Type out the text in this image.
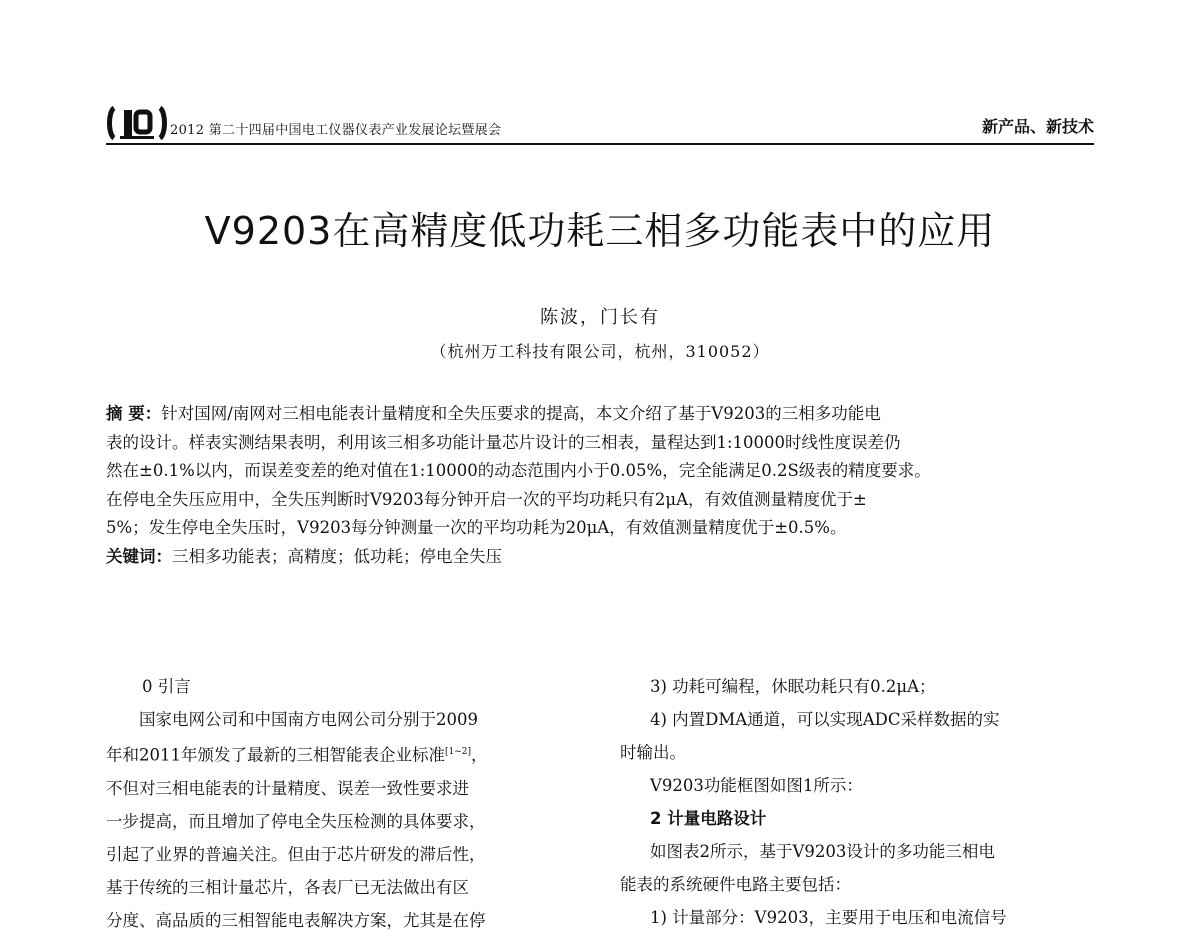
2012 第二十四届中国电工仪器仪表产业发展论坛暨展会	新产品、新技术
V9203在高精度低功耗三相多功能表中的应用
陈波，门长有
（杭州万工科技有限公司，杭州，310052）
摘 要：针对国网/南网对三相电能表计量精度和全失压要求的提高，本文介绍了基于V9203的三相多功能电
表的设计。样表实测结果表明，利用该三相多功能计量芯片设计的三相表，量程达到1:10000时线性度误差仍
然在±0.1%以内，而误差变差的绝对值在1:10000的动态范围内小于0.05%，完全能满足0.2S级表的精度要求。
在停电全失压应用中，全失压判断时V9203每分钟开启一次的平均功耗只有2μA，有效值测量精度优于±
5%；发生停电全失压时，V9203每分钟测量一次的平均功耗为20μA，有效值测量精度优于±0.5%。
关键词：三相多功能表；高精度；低功耗；停电全失压
0 引言
国家电网公司和中国南方电网公司分别于2009
年和2011年颁发了最新的三相智能表企业标准[1~2]，
不但对三相电能表的计量精度、误差一致性要求进
一步提高，而且增加了停电全失压检测的具体要求，
引起了业界的普遍关注。但由于芯片研发的滞后性，
基于传统的三相计量芯片，各表厂已无法做出有区
分度、高品质的三相智能电表解决方案，尤其是在停
3) 功耗可编程，休眠功耗只有0.2μA；
4) 内置DMA通道，可以实现ADC采样数据的实
时输出。
V9203功能框图如图1所示：
2 计量电路设计
如图表2所示，基于V9203设计的多功能三相电
能表的系统硬件电路主要包括：
1) 计量部分：V9203，主要用于电压和电流信号
